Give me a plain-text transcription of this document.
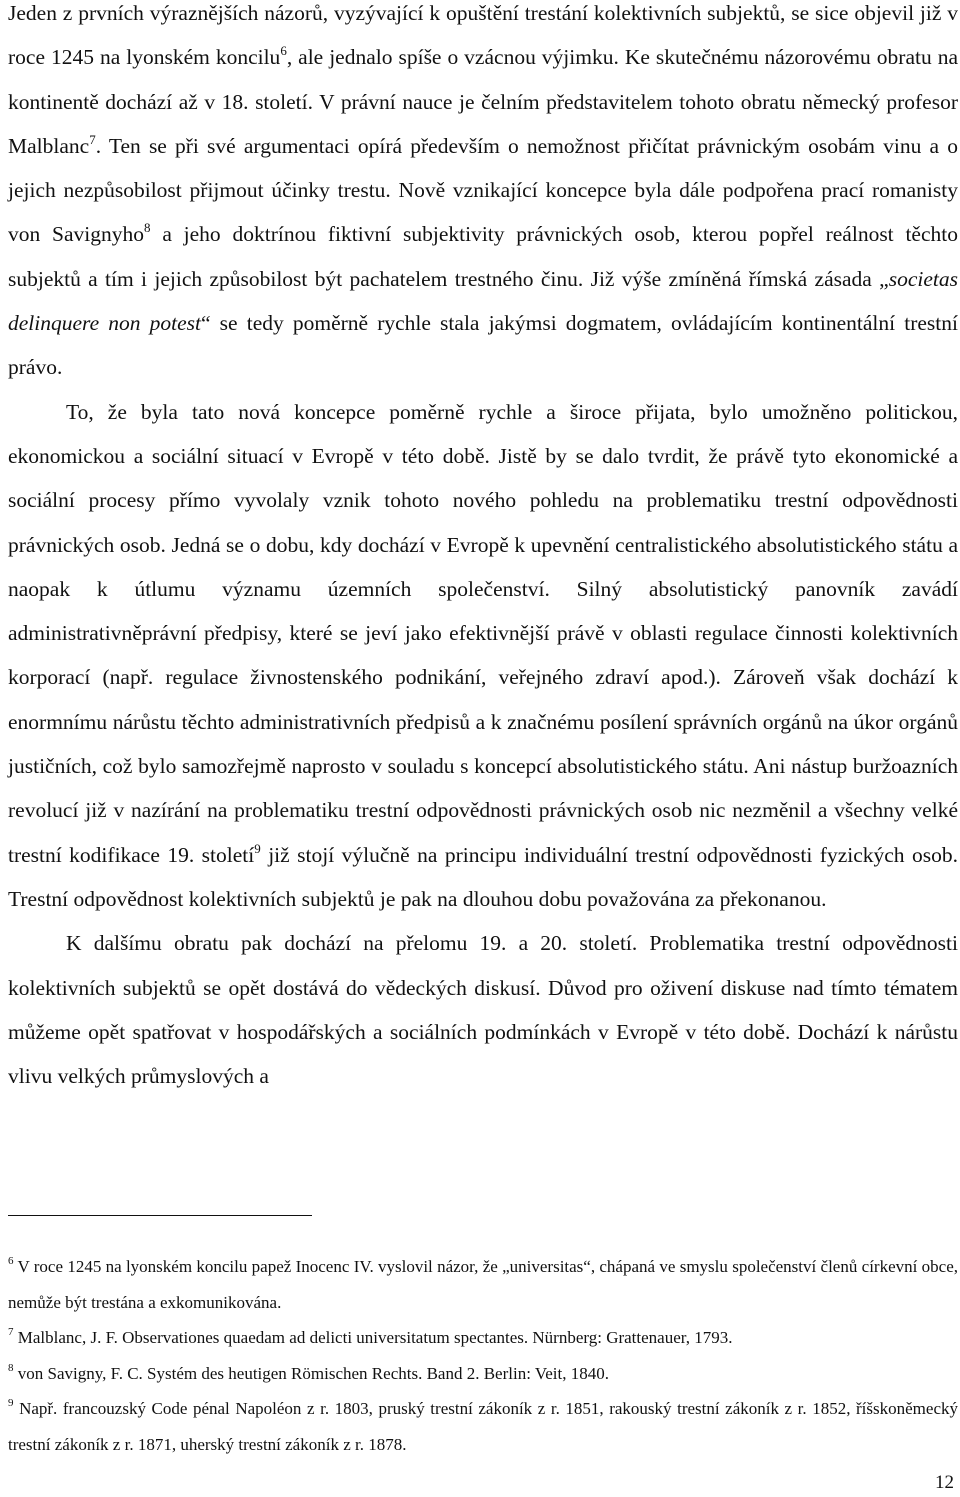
Jeden z prvních výraznějších názorů, vyzývající k opuštění trestání kolektivních subjektů, se sice objevil již v roce 1245 na lyonském koncilu$^6$, ale jednalo spíše o vzácnou výjimku. Ke skutečnému názorovému obratu na kontinentě dochází až v 18. století. V právní nauce je čelním představitelem tohoto obratu německý profesor Malblanc$^7$. Ten se při své argumentaci opírá především o nemožnost přičítat právnickým osobám vinu a o jejich nezpůsobilost přijmout účinky trestu. Nově vznikající koncepce byla dále podpořena prací romanisty von Savignyho$^8$ a jeho doktrínou fiktivní subjektivity právnických osob, kterou popřel reálnost těchto subjektů a tím i jejich způsobilost být pachatelem trestného činu. Již výše zmíněná římská zásada „societas delinquere non potest“ se tedy poměrně rychle stala jakýmsi dogmatem, ovládajícím kontinentální trestní právo.

To, že byla tato nová koncepce poměrně rychle a široce přijata, bylo umožněno politickou, ekonomickou a sociální situací v Evropě v této době. Jistě by se dalo tvrdit, že právě tyto ekonomické a sociální procesy přímo vyvolaly vznik tohoto nového pohledu na problematiku trestní odpovědnosti právnických osob. Jedná se o dobu, kdy dochází v Evropě k upevnění centralistického absolutistického státu a naopak k útlumu významu územních společenství. Silný absolutistický panovník zavádí administrativněprávní předpisy, které se jeví jako efektivnější právě v oblasti regulace činnosti kolektivních korporací (např. regulace živnostenského podnikání, veřejného zdraví apod.). Zároveň však dochází k enormnímu nárůstu těchto administrativních předpisů a k značnému posílení správních orgánů na úkor orgánů justičních, což bylo samozřejmě naprosto v souladu s koncepcí absolutistického státu. Ani nástup buržoazních revolucí již v nazírání na problematiku trestní odpovědnosti právnických osob nic nezměnil a všechny velké trestní kodifikace 19. století$^9$ již stojí výlučně na principu individuální trestní odpovědnosti fyzických osob. Trestní odpovědnost kolektivních subjektů je pak na dlouhou dobu považována za překonanou.

K dalšímu obratu pak dochází na přelomu 19. a 20. století. Problematika trestní odpovědnosti kolektivních subjektů se opět dostává do vědeckých diskusí. Důvod pro oživení diskuse nad tímto tématem můžeme opět spatřovat v hospodářských a sociálních podmínkách v Evropě v této době. Dochází k nárůstu vlivu velkých průmyslových a

$^6$ V roce 1245 na lyonském koncilu papež Inocenc IV. vyslovil názor, že „universitas“, chápaná ve smyslu společenství členů církevní obce, nemůže být trestána a exkomunikována.

$^7$ Malblanc, J. F. Observationes quaedam ad delicti universitatum spectantes. Nürnberg: Grattenauer, 1793.

$^8$ von Savigny, F. C. Systém des heutigen Römischen Rechts. Band 2. Berlin: Veit, 1840.

$^9$ Např. francouzský Code pénal Napoléon z r. 1803, pruský trestní zákoník z r. 1851, rakouský trestní zákoník z r. 1852, říšskoněmecký trestní zákoník z r. 1871, uherský trestní zákoník z r. 1878.

12
